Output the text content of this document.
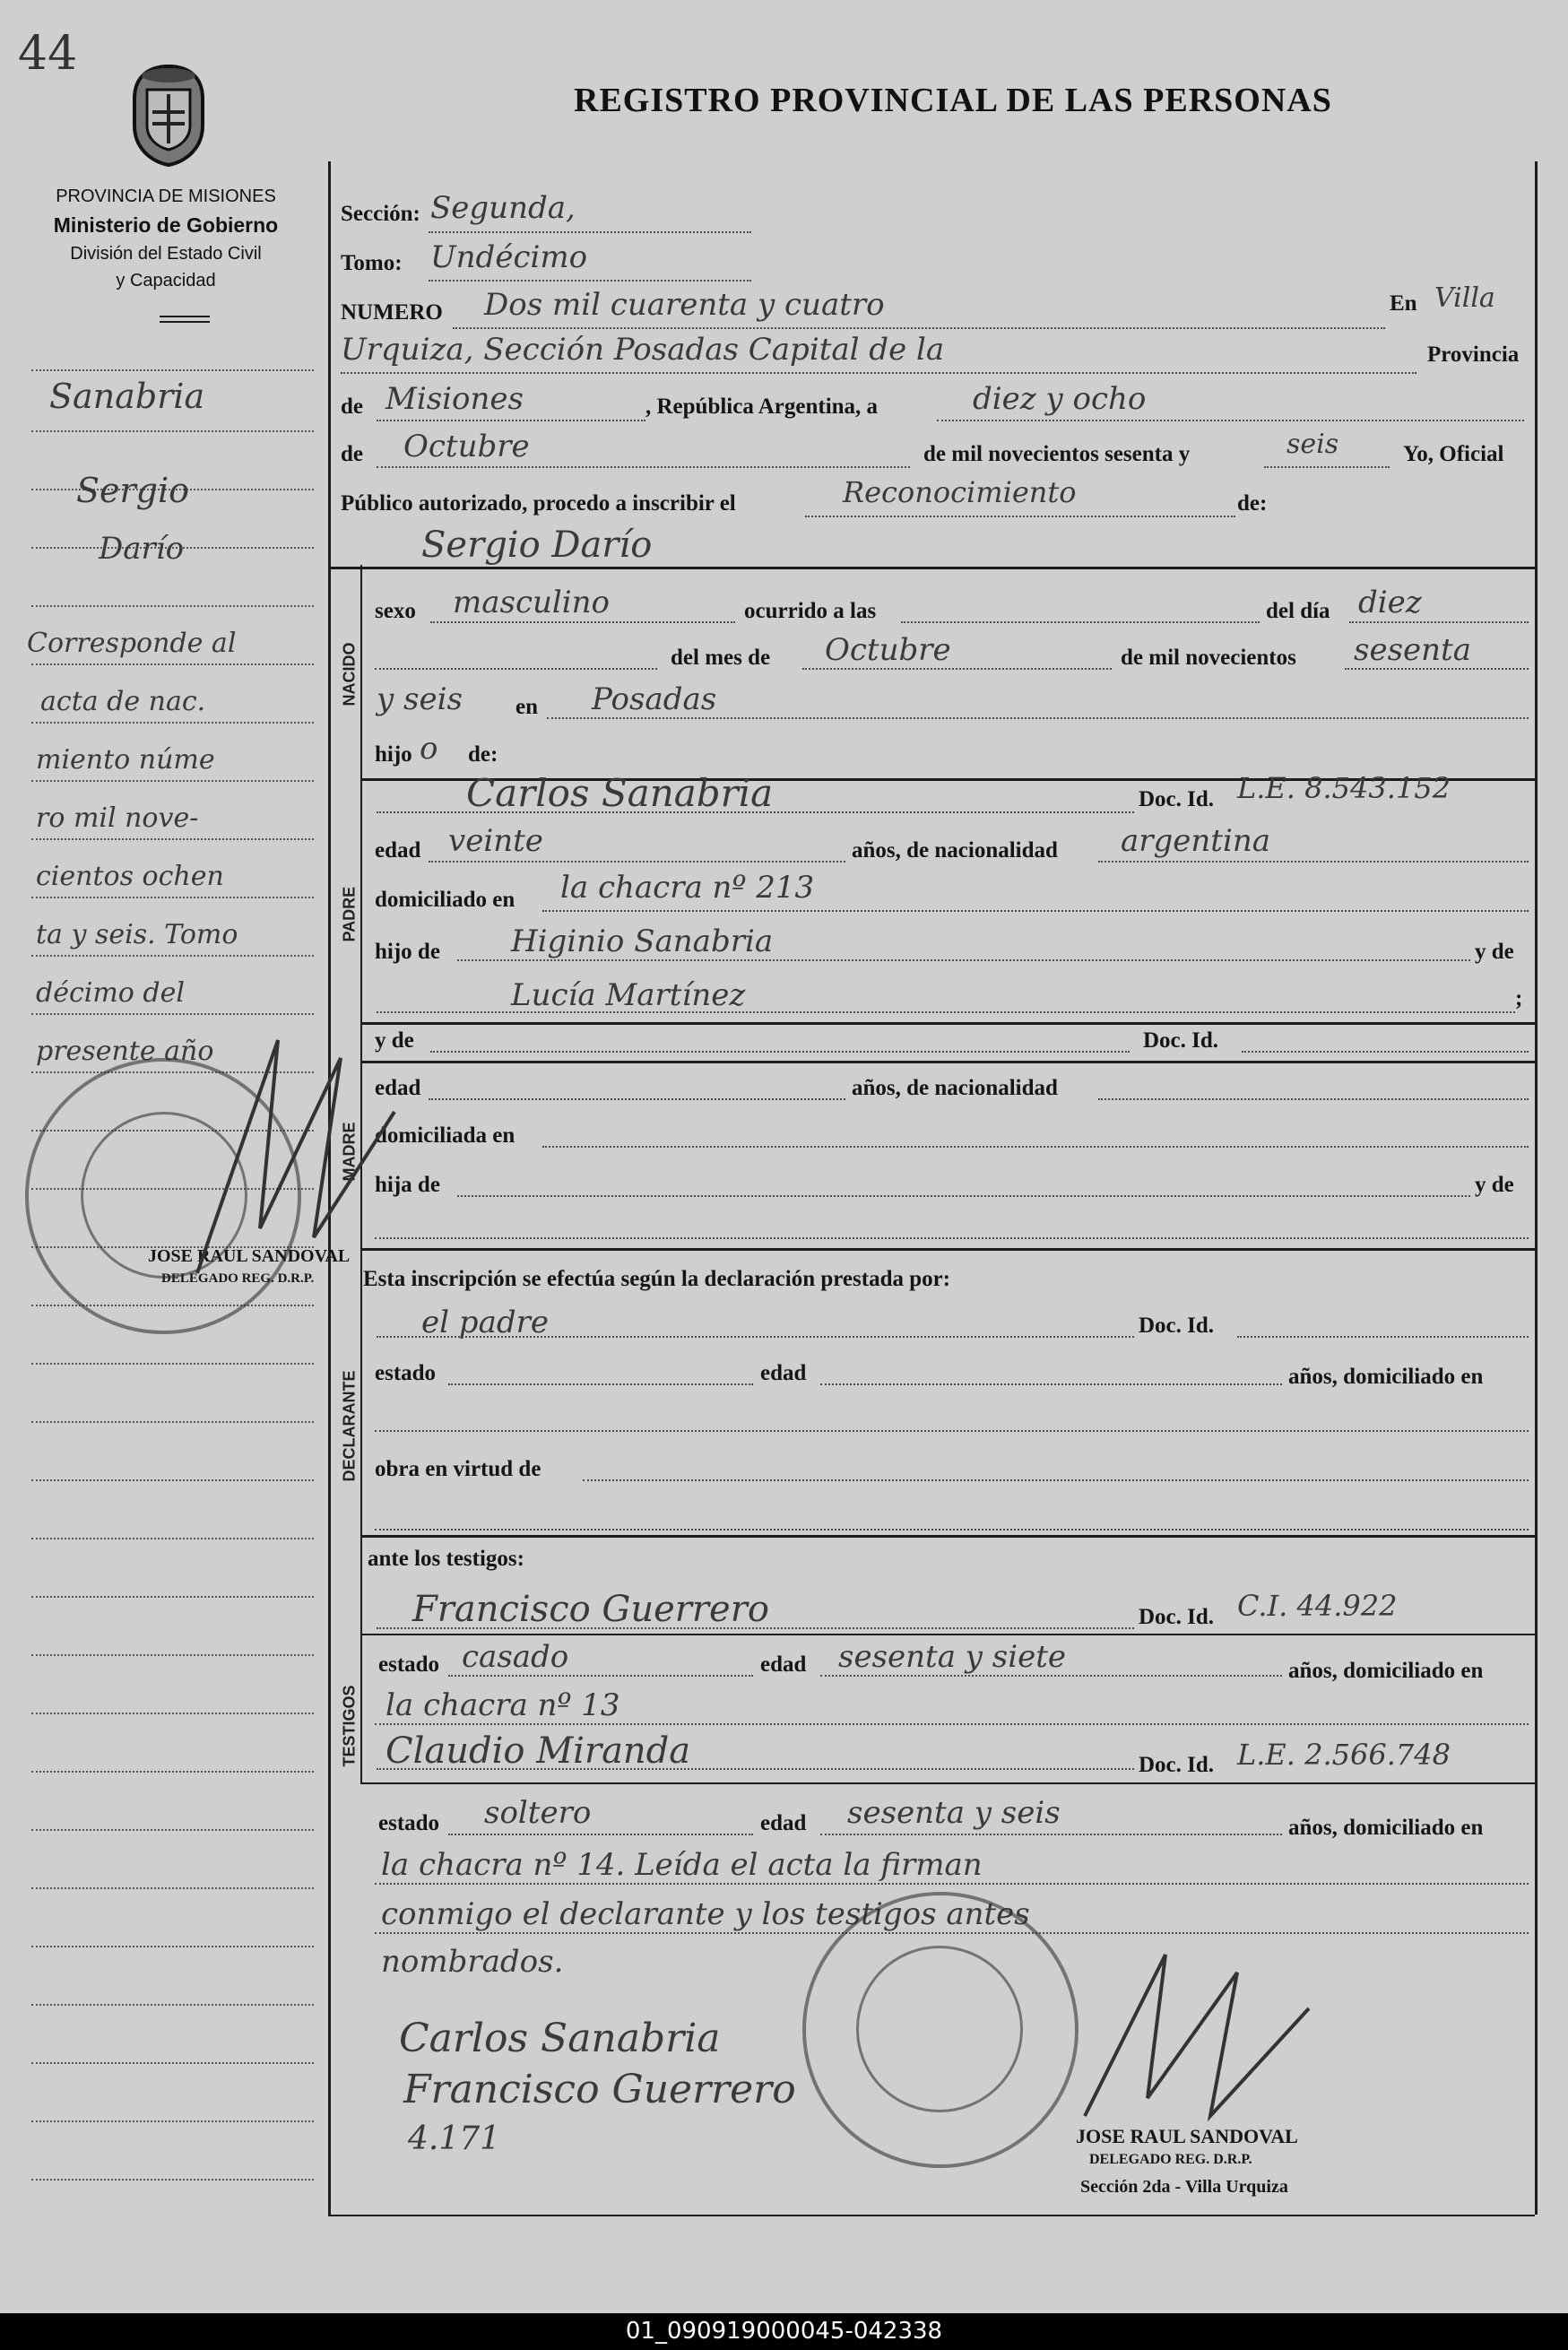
44
PROVINCIA DE MISIONES
Ministerio de Gobierno
División del Estado Civil
y Capacidad
REGISTRO PROVINCIAL DE LAS PERSONAS
Sanabria
Sergio
Darío
Corresponde al
acta de nac.
miento núme
ro mil nove-
cientos ochen
ta y seis. Tomo
décimo del
presente año
Sección: Segunda,
Tomo: Undécimo
NUMERO Dos mil cuarenta y cuatro	En Villa
Urquiza, Sección Posadas Capital de la	Provincia
de Misiones	, República Argentina, a	diez y ocho
de Octubre	de mil novecientos sesenta y	seis	Yo, Oficial
Público autorizado, procedo a inscribir el	Reconocimiento	de:
Sergio Darío
NACIDO
sexo masculino	ocurrido a las	del día diez
del mes de Octubre	de mil novecientos sesenta
y seis en Posadas
hijo o de:
PADRE
Carlos Sanabria	Doc. Id. L.E. 8.543.152
edad veinte	años, de nacionalidad argentina
domiciliado en la chacra nº 213
hijo de Higinio Sanabria	y de
Lucía Martínez	;
y de	Doc. Id.
MADRE
edad	años, de nacionalidad
domiciliada en
hija de	y de
Esta inscripción se efectúa según la declaración prestada por:
DECLARANTE
el padre	Doc. Id.
estado	edad	años, domiciliado en
obra en virtud de
ante los testigos:
TESTIGOS
Francisco Guerrero	Doc. Id. C.I. 44.922
estado casado	edad sesenta y siete	años, domiciliado en
la chacra nº 13
Claudio Miranda	Doc. Id. L.E. 2.566.748
estado soltero	edad sesenta y seis	años, domiciliado en
la chacra nº 14. Leída el acta la firman
conmigo el declarante y los testigos antes
nombrados.
Carlos Sanabria
Francisco Guerrero
4.171	JOSE RAUL SANDOVAL
DELEGADO REG. D.R.P.
Sección 2da - Villa Urquiza
JOSE RAUL SANDOVAL
DELEGADO REG. D.R.P.
01_090919000045-042338
